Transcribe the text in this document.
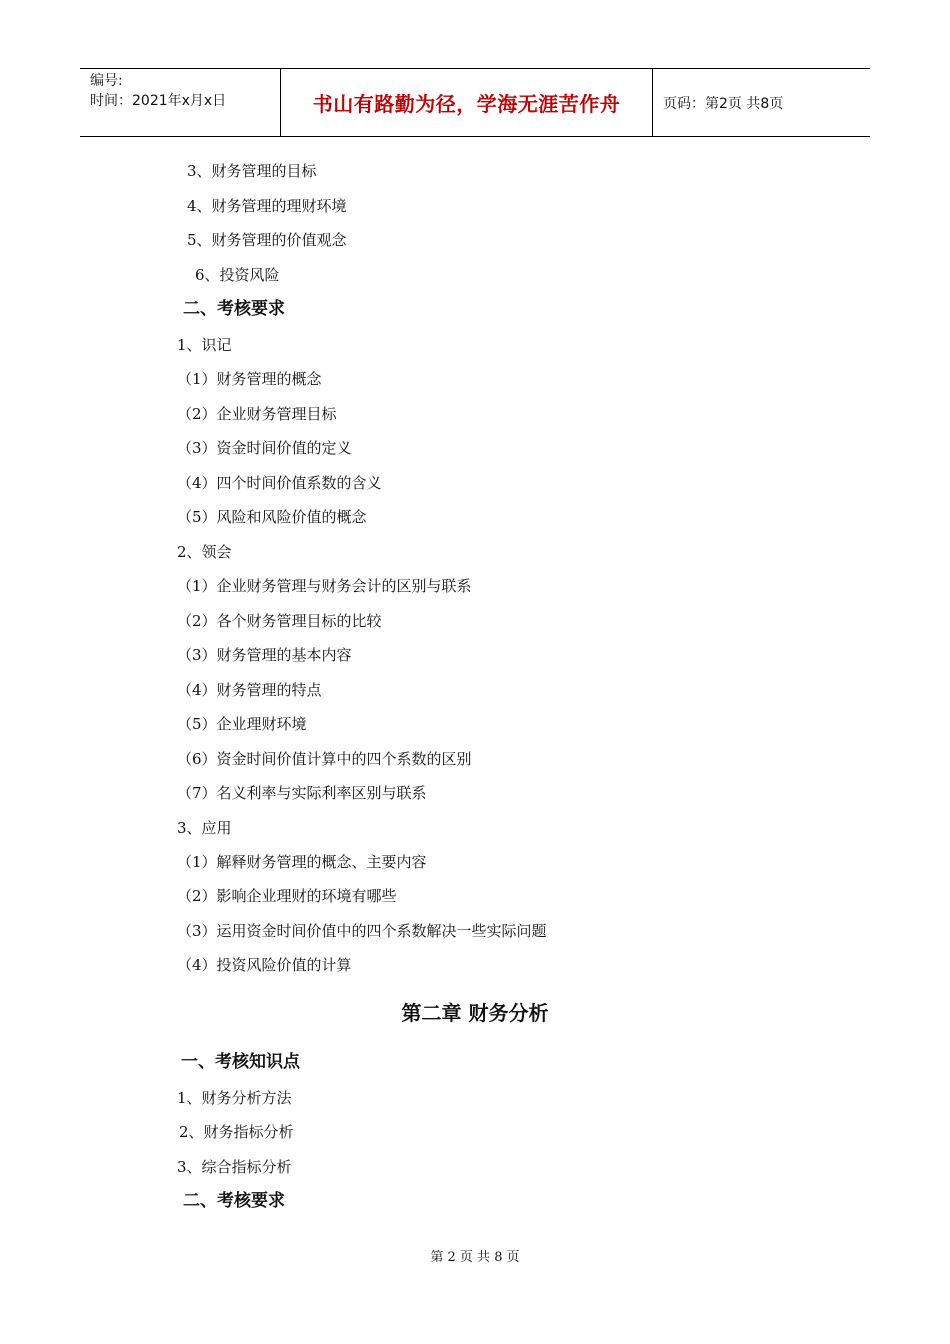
编号:
时间：2021年x月x日	书山有路勤为径，学海无涯苦作舟	页码：第2页 共8页
3、财务管理的目标
4、财务管理的理财环境
5、财务管理的价值观念
6、投资风险
二、考核要求
1、识记
（1）财务管理的概念
（2）企业财务管理目标
（3）资金时间价值的定义
（4）四个时间价值系数的含义
（5）风险和风险价值的概念
2、领会
（1）企业财务管理与财务会计的区别与联系
（2）各个财务管理目标的比较
（3）财务管理的基本内容
（4）财务管理的特点
（5）企业理财环境
（6）资金时间价值计算中的四个系数的区别
（7）名义利率与实际利率区别与联系
3、应用
（1）解释财务管理的概念、主要内容
（2）影响企业理财的环境有哪些
（3）运用资金时间价值中的四个系数解决一些实际问题
（4）投资风险价值的计算
第二章 财务分析
一、考核知识点
1、财务分析方法
2、财务指标分析
3、综合指标分析
二、考核要求
第 2 页 共 8 页
